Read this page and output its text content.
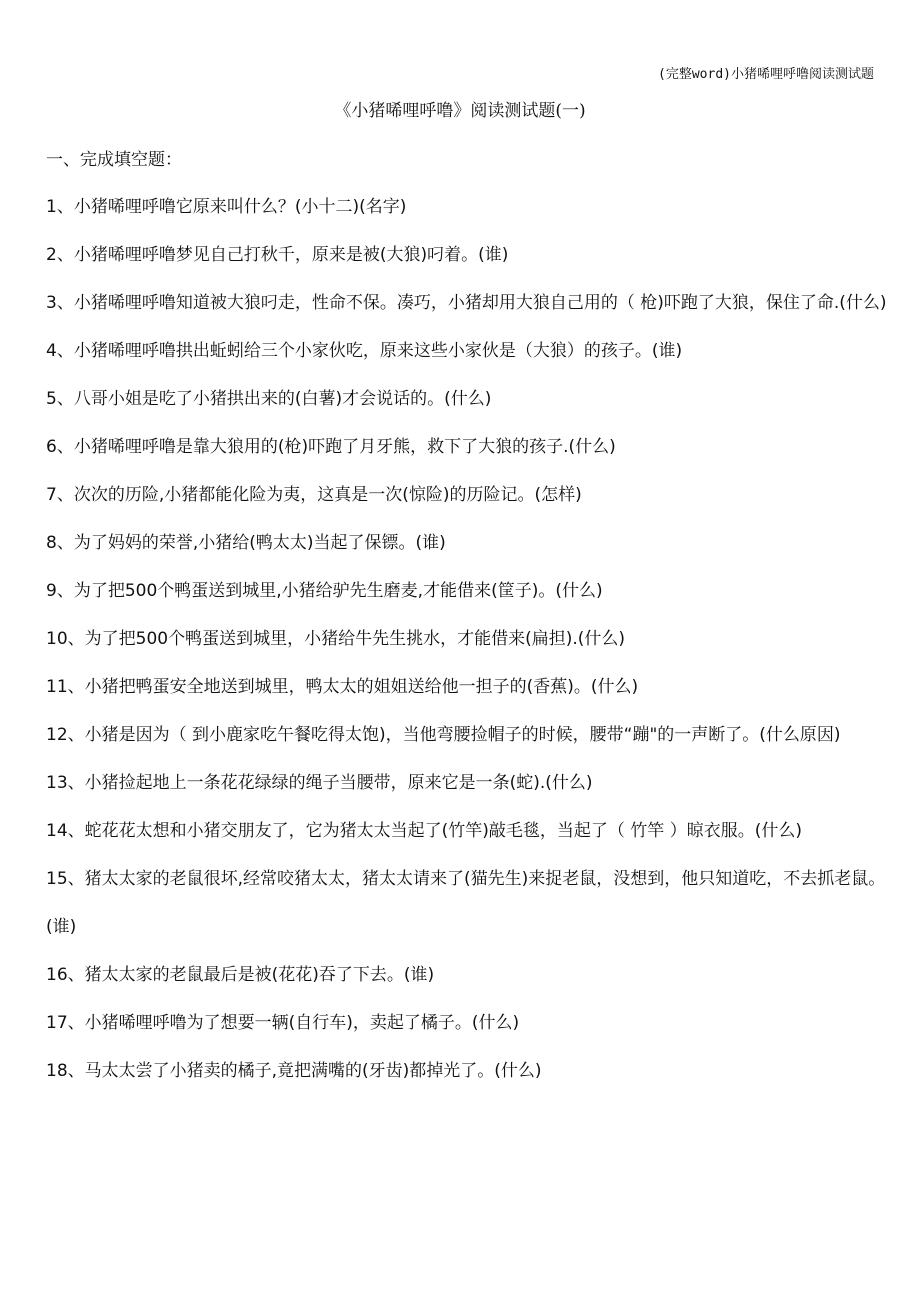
(完整word)小猪唏哩呼噜阅读测试题
《小猪唏哩呼噜》阅读测试题(一)
一、完成填空题：
1、小猪唏哩呼噜它原来叫什么？(小十二)(名字)
2、小猪唏哩呼噜梦见自己打秋千，原来是被(大狼)叼着。(谁)
3、小猪唏哩呼噜知道被大狼叼走，性命不保。凑巧，小猪却用大狼自己用的（ 枪)吓跑了大狼，保住了命.(什么)
4、小猪唏哩呼噜拱出蚯蚓给三个小家伙吃，原来这些小家伙是（大狼）的孩子。(谁)
5、八哥小姐是吃了小猪拱出来的(白薯)才会说话的。(什么)
6、小猪唏哩呼噜是靠大狼用的(枪)吓跑了月牙熊，救下了大狼的孩子.(什么)
7、次次的历险,小猪都能化险为夷，这真是一次(惊险)的历险记。(怎样)
8、为了妈妈的荣誉,小猪给(鸭太太)当起了保镖。(谁)
9、为了把500个鸭蛋送到城里,小猪给驴先生磨麦,才能借来(筐子)。(什么)
10、为了把500个鸭蛋送到城里，小猪给牛先生挑水，才能借来(扁担).(什么)
11、小猪把鸭蛋安全地送到城里，鸭太太的姐姐送给他一担子的(香蕉)。(什么)
12、小猪是因为（ 到小鹿家吃午餐吃得太饱)，当他弯腰捡帽子的时候，腰带“蹦"的一声断了。(什么原因)
13、小猪捡起地上一条花花绿绿的绳子当腰带，原来它是一条(蛇).(什么)
14、蛇花花太想和小猪交朋友了，它为猪太太当起了(竹竿)敲毛毯，当起了（ 竹竿 ）晾衣服。(什么)
15、猪太太家的老鼠很坏,经常咬猪太太，猪太太请来了(猫先生)来捉老鼠，没想到，他只知道吃，不去抓老鼠。(谁)
16、猪太太家的老鼠最后是被(花花)吞了下去。(谁)
17、小猪唏哩呼噜为了想要一辆(自行车)，卖起了橘子。(什么)
18、马太太尝了小猪卖的橘子,竟把满嘴的(牙齿)都掉光了。(什么)
